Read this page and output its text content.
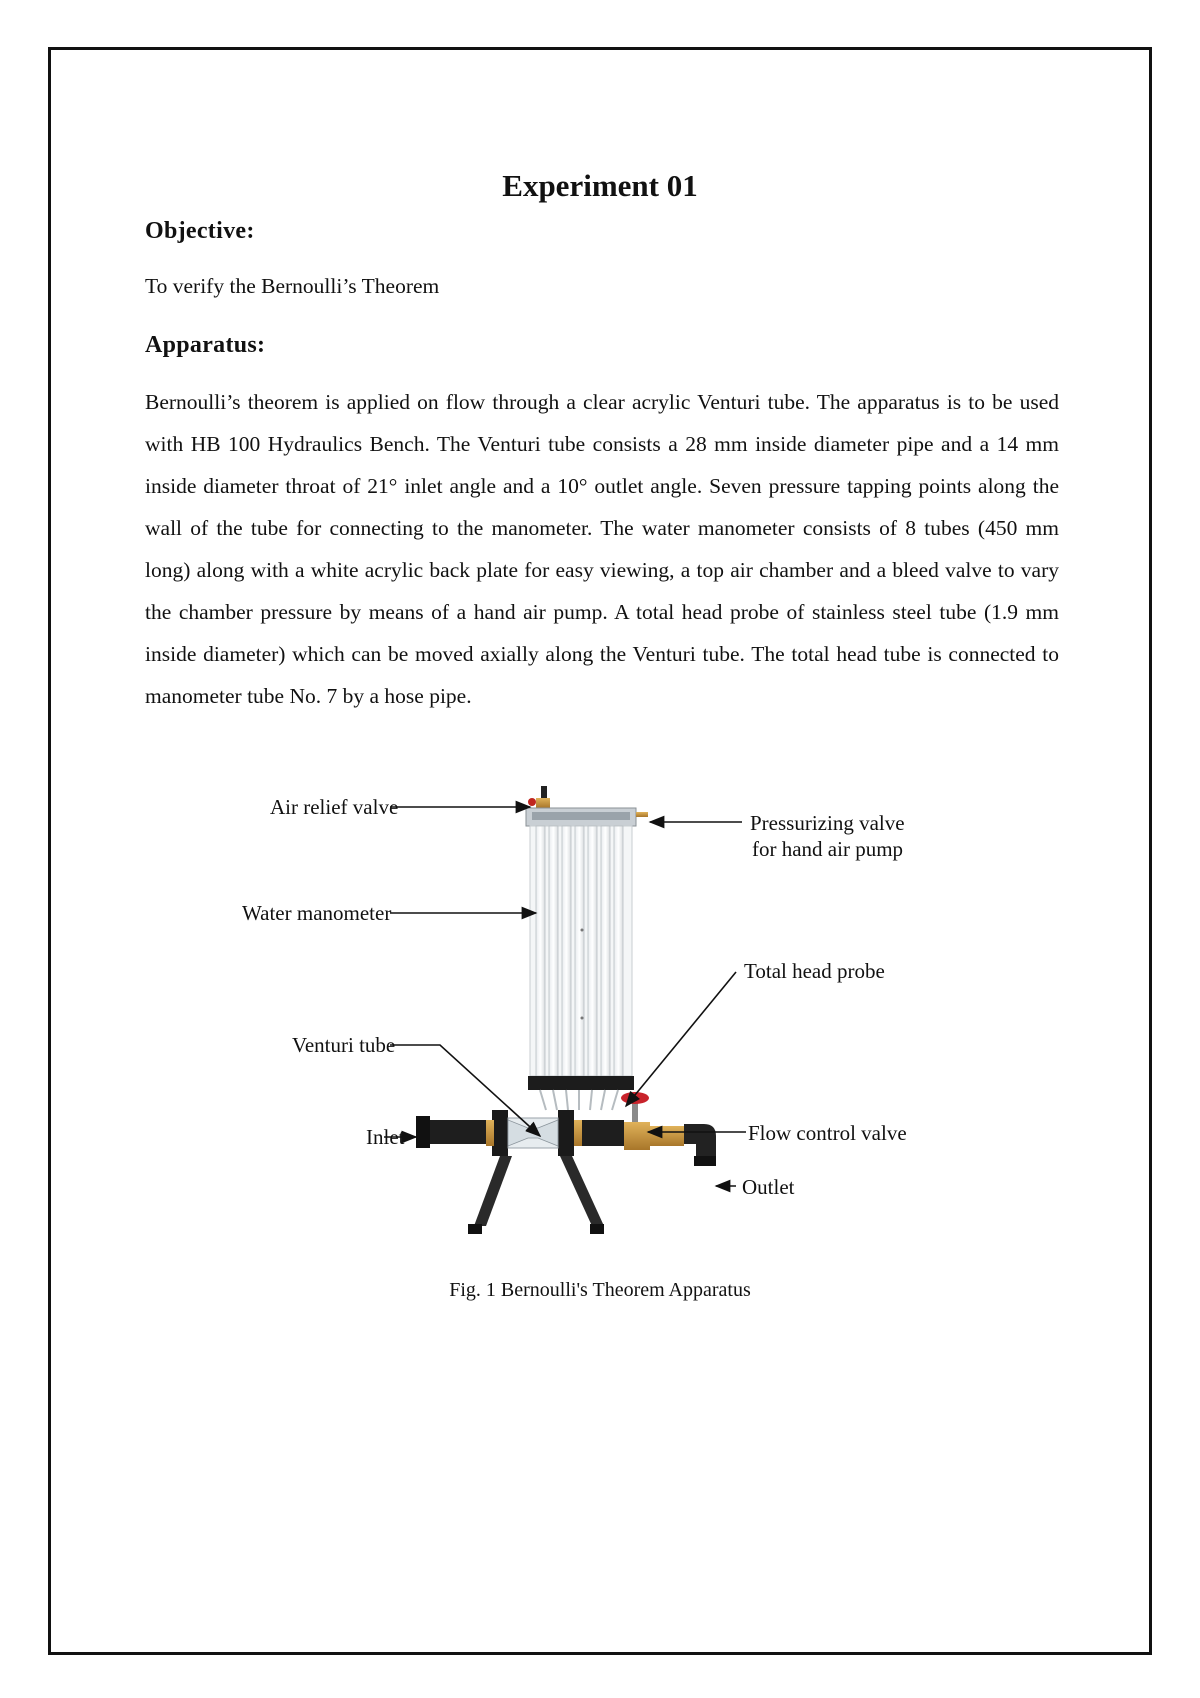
Experiment 01
Objective:

To verify the Bernoulli’s Theorem

Apparatus:

Bernoulli’s theorem is applied on flow through a clear acrylic Venturi tube. The apparatus is to be used with HB 100 Hydraulics Bench. The Venturi tube consists a 28 mm inside diameter pipe and a 14 mm inside diameter throat of 21° inlet angle and a 10° outlet angle. Seven pressure tapping points along the wall of the tube for connecting to the manometer. The water manometer consists of 8 tubes (450 mm long) along with a white acrylic back plate for easy viewing, a top air chamber and a bleed valve to vary the chamber pressure by means of a hand air pump. A total head probe of stainless steel tube (1.9 mm inside diameter) which can be moved axially along the Venturi tube. The total head tube is connected to manometer tube No. 7 by a hose pipe.

Air relief valve
Pressurizing valve
for hand air pump
Water manometer
Total head probe
Venturi tube
Flow control valve
Inlet
Outlet

Fig. 1 Bernoulli's Theorem Apparatus
